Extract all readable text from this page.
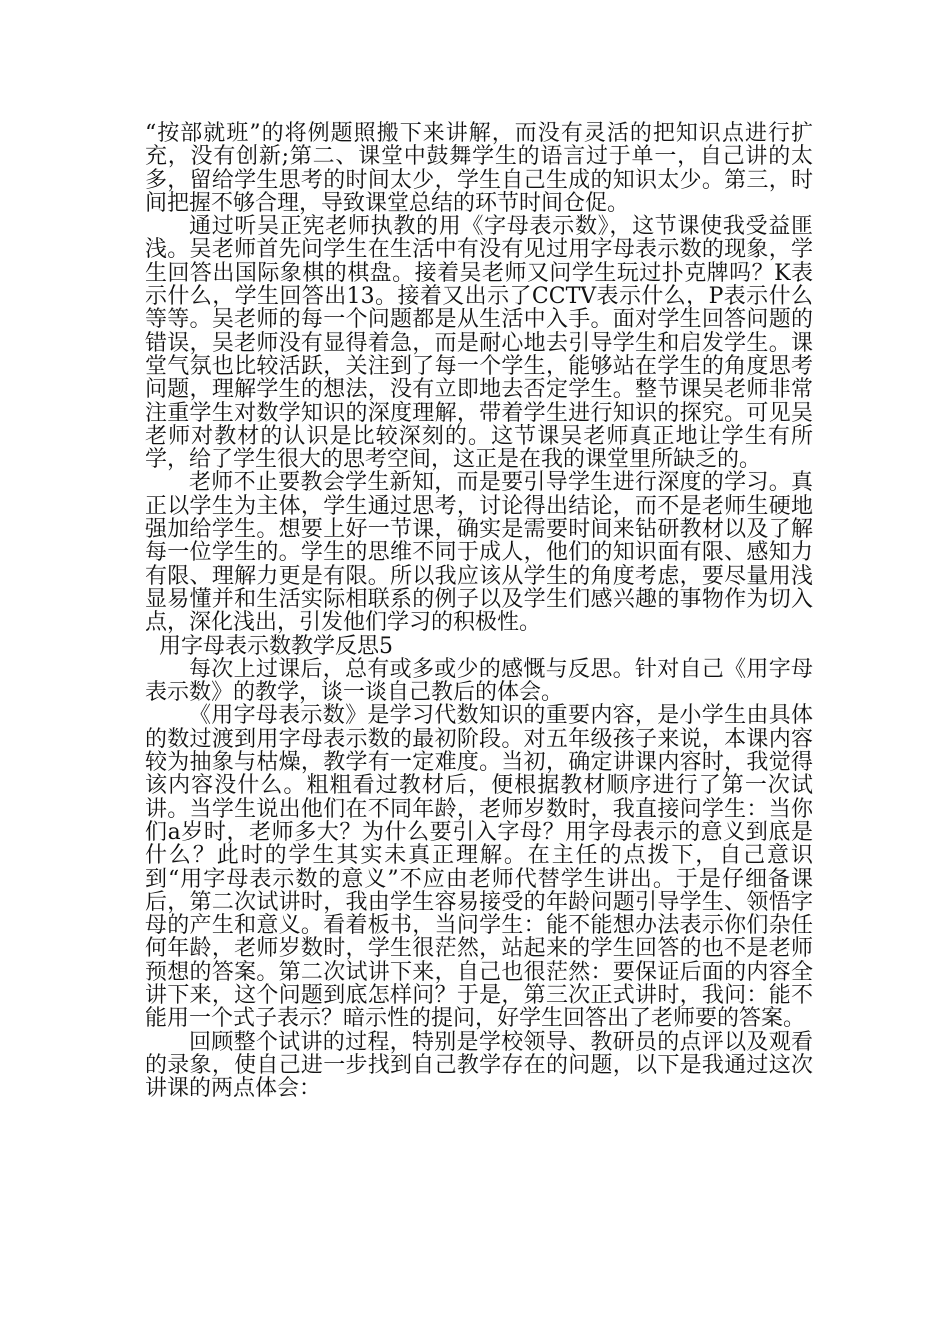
“按部就班”的将例题照搬下来讲解，而没有灵活的把知识点进行扩充，没有创新;第二、课堂中鼓舞学生的语言过于单一，自己讲的太多，留给学生思考的时间太少，学生自己生成的知识太少。第三，时间把握不够合理，导致课堂总结的环节时间仓促。

通过听吴正宪老师执教的用《字母表示数》，这节课使我受益匪浅。吴老师首先问学生在生活中有没有见过用字母表示数的现象，学生回答出国际象棋的棋盘。接着吴老师又问学生玩过扑克牌吗？K表示什么，学生回答出13。接着又出示了CCTV表示什么，P表示什么等等。吴老师的每一个问题都是从生活中入手。面对学生回答问题的错误，吴老师没有显得着急，而是耐心地去引导学生和启发学生。课堂气氛也比较活跃，关注到了每一个学生，能够站在学生的角度思考问题，理解学生的想法，没有立即地去否定学生。整节课吴老师非常注重学生对数学知识的深度理解，带着学生进行知识的探究。可见吴老师对教材的认识是比较深刻的。这节课吴老师真正地让学生有所学，给了学生很大的思考空间，这正是在我的课堂里所缺乏的。

老师不止要教会学生新知，而是要引导学生进行深度的学习。真正以学生为主体，学生通过思考，讨论得出结论，而不是老师生硬地强加给学生。想要上好一节课，确实是需要时间来钻研教材以及了解每一位学生的。学生的思维不同于成人，他们的知识面有限、感知力有限、理解力更是有限。所以我应该从学生的角度考虑，要尽量用浅显易懂并和生活实际相联系的例子以及学生们感兴趣的事物作为切入点，深化浅出，引发他们学习的积极性。

用字母表示数教学反思5

每次上过课后，总有或多或少的感慨与反思。针对自己《用字母表示数》的教学，谈一谈自己教后的体会。

《用字母表示数》是学习代数知识的重要内容，是小学生由具体的数过渡到用字母表示数的最初阶段。对五年级孩子来说，本课内容较为抽象与枯燥，教学有一定难度。当初，确定讲课内容时，我觉得该内容没什么。粗粗看过教材后，便根据教材顺序进行了第一次试讲。当学生说出他们在不同年龄，老师岁数时，我直接问学生：当你们a岁时，老师多大？为什么要引入字母？用字母表示的意义到底是什么？此时的学生其实未真正理解。在主任的点拨下，自己意识到“用字母表示数的意义”不应由老师代替学生讲出。于是仔细备课后，第二次试讲时，我由学生容易接受的年龄问题引导学生、领悟字母的产生和意义。看着板书，当问学生：能不能想办法表示你们杂任何年龄，老师岁数时，学生很茫然，站起来的学生回答的也不是老师预想的答案。第二次试讲下来，自己也很茫然：要保证后面的内容全讲下来，这个问题到底怎样问？于是，第三次正式讲时，我问：能不能用一个式子表示？暗示性的提问，好学生回答出了老师要的答案。

回顾整个试讲的过程，特别是学校领导、教研员的点评以及观看的录象，使自己进一步找到自己教学存在的问题，以下是我通过这次讲课的两点体会：
